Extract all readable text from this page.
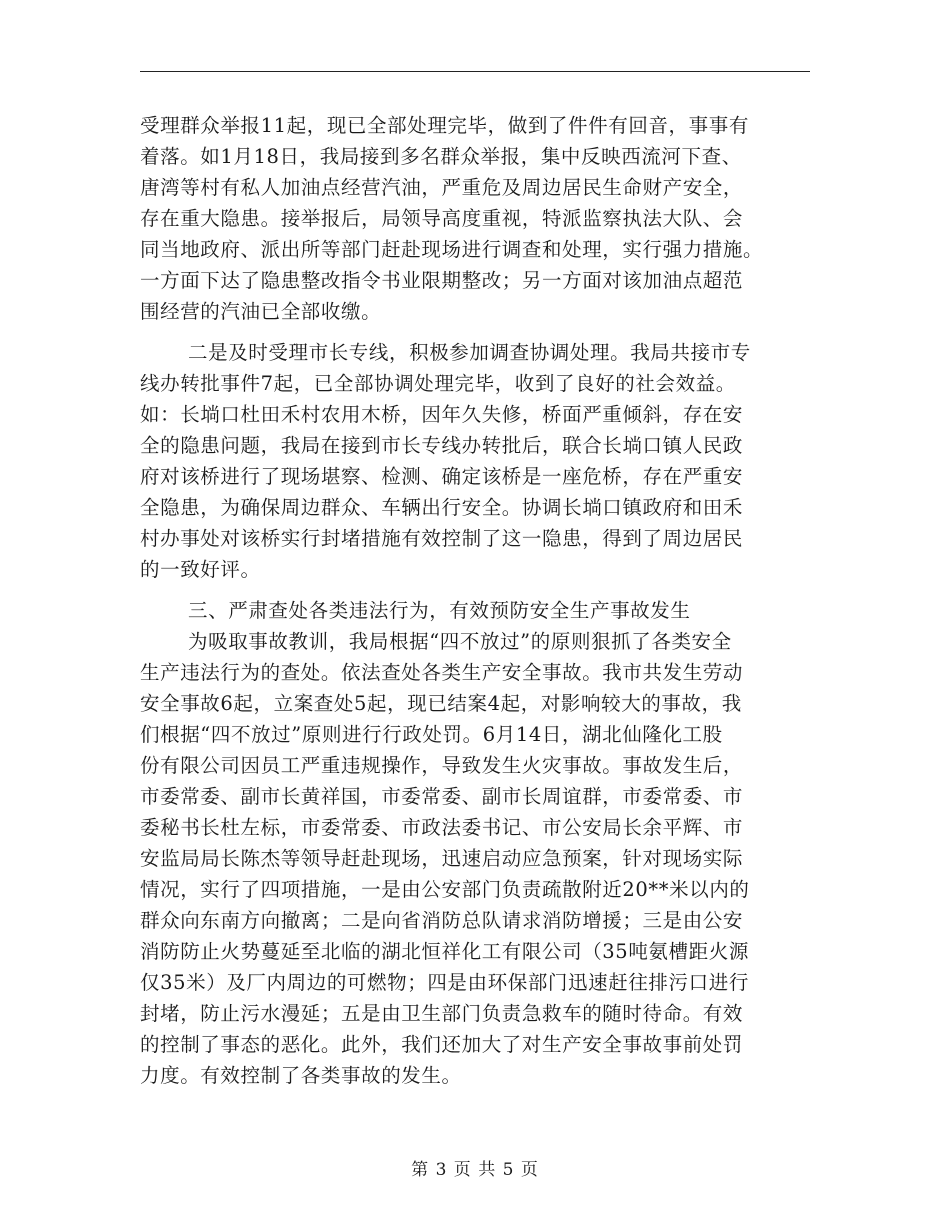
受理群众举报11起，现已全部处理完毕，做到了件件有回音，事事有
着落。如1月18日，我局接到多名群众举报，集中反映西流河下查、
唐湾等村有私人加油点经营汽油，严重危及周边居民生命财产安全，
存在重大隐患。接举报后，局领导高度重视，特派监察执法大队、会
同当地政府、派出所等部门赶赴现场进行调查和处理，实行强力措施。
一方面下达了隐患整改指令书业限期整改；另一方面对该加油点超范
围经营的汽油已全部收缴。
二是及时受理市长专线，积极参加调查协调处理。我局共接市专
线办转批事件7起，已全部协调处理完毕，收到了良好的社会效益。
如：长埫口杜田禾村农用木桥，因年久失修，桥面严重倾斜，存在安
全的隐患问题，我局在接到市长专线办转批后，联合长埫口镇人民政
府对该桥进行了现场堪察、检测、确定该桥是一座危桥，存在严重安
全隐患，为确保周边群众、车辆出行安全。协调长埫口镇政府和田禾
村办事处对该桥实行封堵措施有效控制了这一隐患，得到了周边居民
的一致好评。
三、严肃查处各类违法行为，有效预防安全生产事故发生
为吸取事故教训，我局根据“四不放过”的原则狠抓了各类安全
生产违法行为的查处。依法查处各类生产安全事故。我市共发生劳动
安全事故6起，立案查处5起，现已结案4起，对影响较大的事故，我
们根据“四不放过”原则进行行政处罚。6月14日，湖北仙隆化工股
份有限公司因员工严重违规操作，导致发生火灾事故。事故发生后，
市委常委、副市长黄祥国，市委常委、副市长周谊群，市委常委、市
委秘书长杜左标，市委常委、市政法委书记、市公安局长余平辉、市
安监局局长陈杰等领导赶赴现场，迅速启动应急预案，针对现场实际
情况，实行了四项措施，一是由公安部门负责疏散附近20**米以内的
群众向东南方向撤离；二是向省消防总队请求消防增援；三是由公安
消防防止火势蔓延至北临的湖北恒祥化工有限公司（35吨氨槽距火源
仅35米）及厂内周边的可燃物；四是由环保部门迅速赶往排污口进行
封堵，防止污水漫延；五是由卫生部门负责急救车的随时待命。有效
的控制了事态的恶化。此外，我们还加大了对生产安全事故事前处罚
力度。有效控制了各类事故的发生。
第 3 页 共 5 页
